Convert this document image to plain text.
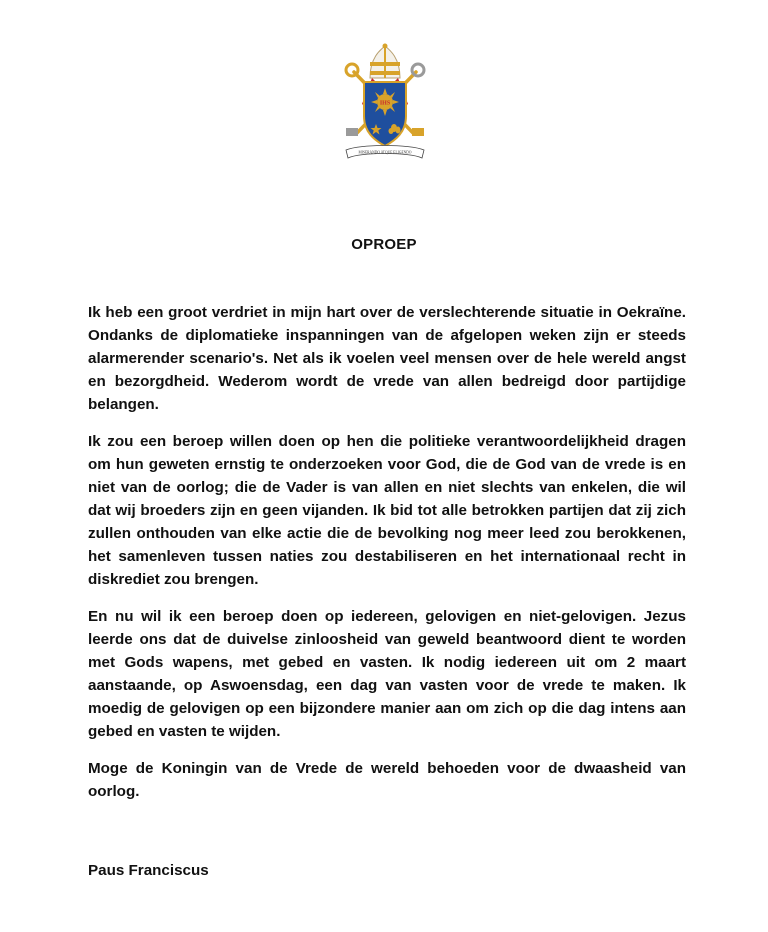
IHS
MISERANDO ATQUE ELIGENDO
OPROEP

Ik heb een groot verdriet in mijn hart over de verslechterende situatie in Oekraïne. Ondanks de diplomatieke inspanningen van de afgelopen weken zijn er steeds alarmerender scenario's. Net als ik voelen veel mensen over de hele wereld angst en bezorgdheid. Wederom wordt de vrede van allen bedreigd door partijdige belangen.

Ik zou een beroep willen doen op hen die politieke verantwoordelijkheid dragen om hun geweten ernstig te onderzoeken voor God, die de God van de vrede is en niet van de oorlog; die de Vader is van allen en niet slechts van enkelen, die wil dat wij broeders zijn en geen vijanden. Ik bid tot alle betrokken partijen dat zij zich zullen onthouden van elke actie die de bevolking nog meer leed zou berokkenen, het samenleven tussen naties zou destabiliseren en het internationaal recht in diskrediet zou brengen.

En nu wil ik een beroep doen op iedereen, gelovigen en niet-gelovigen. Jezus leerde ons dat de duivelse zinloosheid van geweld beantwoord dient te worden met Gods wapens, met gebed en vasten. Ik nodig iedereen uit om 2 maart aanstaande, op Aswoensdag, een dag van vasten voor de vrede te maken. Ik moedig de gelovigen op een bijzondere manier aan om zich op die dag intens aan gebed en vasten te wijden.

Moge de Koningin van de Vrede de wereld behoeden voor de dwaasheid van oorlog.

Paus Franciscus
